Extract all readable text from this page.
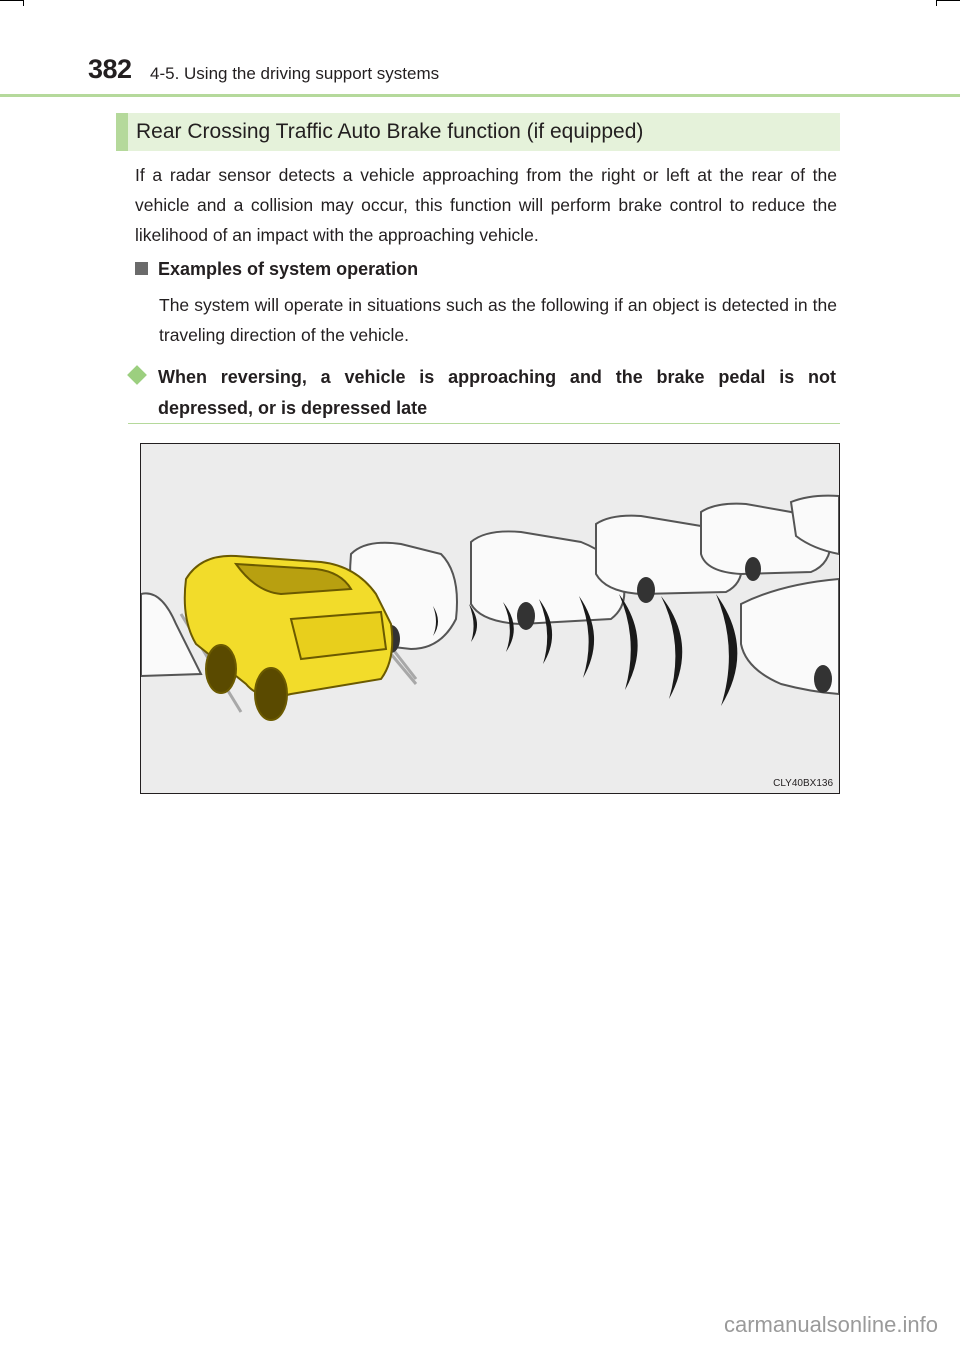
382 4-5. Using the driving support systems
Rear Crossing Traffic Auto Brake function (if equipped)

If a radar sensor detects a vehicle approaching from the right or left at the rear of the vehicle and a collision may occur, this function will perform brake control to reduce the likelihood of an impact with the approaching vehicle.

Examples of system operation

The system will operate in situations such as the following if an object is detected in the traveling direction of the vehicle.

When reversing, a vehicle is approaching and the brake pedal is not depressed, or is depressed late
CLY40BX136
carmanualsonline.info
